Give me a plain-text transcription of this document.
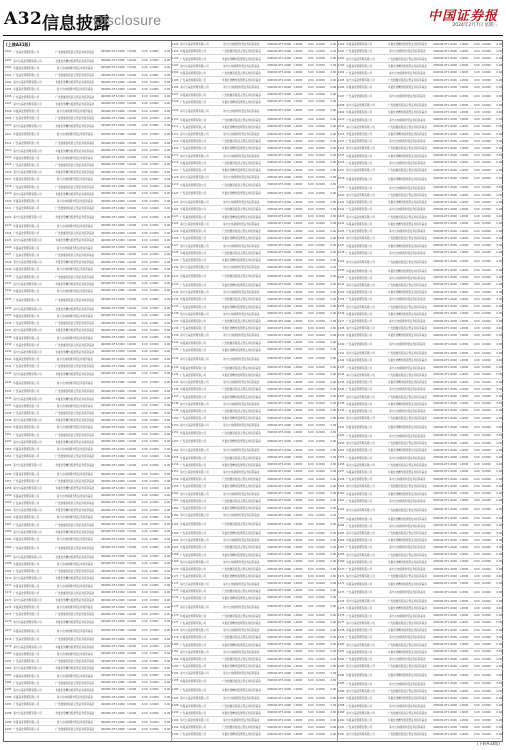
A32 信息披露
Disclosure	中国证券报
2024年2月7日 星期三
1000 广发基金管理有限公司	广发稳健回报混合型证券投资基金	000000.OF 1.0000 1.0000	0.00 0.0000	0.00
1001 易方达基金管理有限公司	华夏优势精选股票型证券投资基金	000000.OF 1.0000 1.0000	0.00 0.0000	0.00
1002 华夏基金管理有限公司	易方达纯债债券型证券投资基金	000000.OF 1.0000 1.0000	0.00 0.0000	0.00
1003 广发基金管理有限公司	广发稳健回报混合型证券投资基金	000000.OF 1.0000 1.0000	0.00 0.0000	0.00
1004 易方达基金管理有限公司	华夏优势精选股票型证券投资基金	000000.OF 1.0000 1.0000	0.00 0.0000	0.00
1005 华夏基金管理有限公司	易方达纯债债券型证券投资基金	000000.OF 1.0000 1.0000	0.00 0.0000	0.00
1006 广发基金管理有限公司	广发稳健回报混合型证券投资基金	000000.OF 1.0000 1.0000	0.00 0.0000	0.00
1007 易方达基金管理有限公司	华夏优势精选股票型证券投资基金	000000.OF 1.0000 1.0000	0.00 0.0000	0.00
1008 华夏基金管理有限公司	易方达纯债债券型证券投资基金	000000.OF 1.0000 1.0000	0.00 0.0000	0.00
1009 广发基金管理有限公司	广发稳健回报混合型证券投资基金	000000.OF 1.0000 1.0000	0.00 0.0000	0.00
1010 易方达基金管理有限公司	华夏优势精选股票型证券投资基金	000000.OF 1.0000 1.0000	0.00 0.0000	0.00
1011 华夏基金管理有限公司	易方达纯债债券型证券投资基金	000000.OF 1.0000 1.0000	0.00 0.0000	0.00
1012 广发基金管理有限公司	广发稳健回报混合型证券投资基金	000000.OF 1.0000 1.0000	0.00 0.0000	0.00
1013 易方达基金管理有限公司	华夏优势精选股票型证券投资基金	000000.OF 1.0000 1.0000	0.00 0.0000	0.00
1014 华夏基金管理有限公司	易方达纯债债券型证券投资基金	000000.OF 1.0000 1.0000	0.00 0.0000	0.00
1015 广发基金管理有限公司	广发稳健回报混合型证券投资基金	000000.OF 1.0000 1.0000	0.00 0.0000	0.00
1016 易方达基金管理有限公司	华夏优势精选股票型证券投资基金	000000.OF 1.0000 1.0000	0.00 0.0000	0.00
1017 华夏基金管理有限公司	易方达纯债债券型证券投资基金	000000.OF 1.0000 1.0000	0.00 0.0000	0.00
1018 广发基金管理有限公司	广发稳健回报混合型证券投资基金	000000.OF 1.0000 1.0000	0.00 0.0000	0.00
1019 易方达基金管理有限公司	华夏优势精选股票型证券投资基金	000000.OF 1.0000 1.0000	0.00 0.0000	0.00
1020 华夏基金管理有限公司	易方达纯债债券型证券投资基金	000000.OF 1.0000 1.0000	0.00 0.0000	0.00
1021 广发基金管理有限公司	广发稳健回报混合型证券投资基金	000000.OF 1.0000 1.0000	0.00 0.0000	0.00
1022 易方达基金管理有限公司	华夏优势精选股票型证券投资基金	000000.OF 1.0000 1.0000	0.00 0.0000	0.00
1023 华夏基金管理有限公司	易方达纯债债券型证券投资基金	000000.OF 1.0000 1.0000	0.00 0.0000	0.00
1024 广发基金管理有限公司	广发稳健回报混合型证券投资基金	000000.OF 1.0000 1.0000	0.00 0.0000	0.00
1025 易方达基金管理有限公司	华夏优势精选股票型证券投资基金	000000.OF 1.0000 1.0000	0.00 0.0000	0.00
1026 华夏基金管理有限公司	易方达纯债债券型证券投资基金	000000.OF 1.0000 1.0000	0.00 0.0000	0.00
1027 广发基金管理有限公司	广发稳健回报混合型证券投资基金	000000.OF 1.0000 1.0000	0.00 0.0000	0.00
1028 易方达基金管理有限公司	华夏优势精选股票型证券投资基金	000000.OF 1.0000 1.0000	0.00 0.0000	0.00
1029 华夏基金管理有限公司	易方达纯债债券型证券投资基金	000000.OF 1.0000 1.0000	0.00 0.0000	0.00
1030 广发基金管理有限公司	广发稳健回报混合型证券投资基金	000000.OF 1.0000 1.0000	0.00 0.0000	0.00
1031 易方达基金管理有限公司	华夏优势精选股票型证券投资基金	000000.OF 1.0000 1.0000	0.00 0.0000	0.00
1032 华夏基金管理有限公司	易方达纯债债券型证券投资基金	000000.OF 1.0000 1.0000	0.00 0.0000	0.00
1033 广发基金管理有限公司	广发稳健回报混合型证券投资基金	000000.OF 1.0000 1.0000	0.00 0.0000	0.00
1034 易方达基金管理有限公司	华夏优势精选股票型证券投资基金	000000.OF 1.0000 1.0000	0.00 0.0000	0.00
1035 华夏基金管理有限公司	易方达纯债债券型证券投资基金	000000.OF 1.0000 1.0000	0.00 0.0000	0.00
1036 广发基金管理有限公司	广发稳健回报混合型证券投资基金	000000.OF 1.0000 1.0000	0.00 0.0000	0.00
1037 易方达基金管理有限公司	华夏优势精选股票型证券投资基金	000000.OF 1.0000 1.0000	0.00 0.0000	0.00
1038 华夏基金管理有限公司	易方达纯债债券型证券投资基金	000000.OF 1.0000 1.0000	0.00 0.0000	0.00
1039 广发基金管理有限公司	广发稳健回报混合型证券投资基金	000000.OF 1.0000 1.0000	0.00 0.0000	0.00
1040 易方达基金管理有限公司	华夏优势精选股票型证券投资基金	000000.OF 1.0000 1.0000	0.00 0.0000	0.00
1041 华夏基金管理有限公司	易方达纯债债券型证券投资基金	000000.OF 1.0000 1.0000	0.00 0.0000	0.00
1042 广发基金管理有限公司	广发稳健回报混合型证券投资基金	000000.OF 1.0000 1.0000	0.00 0.0000	0.00
1043 易方达基金管理有限公司	华夏优势精选股票型证券投资基金	000000.OF 1.0000 1.0000	0.00 0.0000	0.00
1044 华夏基金管理有限公司	易方达纯债债券型证券投资基金	000000.OF 1.0000 1.0000	0.00 0.0000	0.00
1045 广发基金管理有限公司	广发稳健回报混合型证券投资基金	000000.OF 1.0000 1.0000	0.00 0.0000	0.00
1046 易方达基金管理有限公司	华夏优势精选股票型证券投资基金	000000.OF 1.0000 1.0000	0.00 0.0000	0.00
1047 华夏基金管理有限公司	易方达纯债债券型证券投资基金	000000.OF 1.0000 1.0000	0.00 0.0000	0.00
1048 广发基金管理有限公司	广发稳健回报混合型证券投资基金	000000.OF 1.0000 1.0000	0.00 0.0000	0.00
1049 易方达基金管理有限公司	华夏优势精选股票型证券投资基金	000000.OF 1.0000 1.0000	0.00 0.0000	0.00
1050 华夏基金管理有限公司	易方达纯债债券型证券投资基金	000000.OF 1.0000 1.0000	0.00 0.0000	0.00
1051 广发基金管理有限公司	广发稳健回报混合型证券投资基金	000000.OF 1.0000 1.0000	0.00 0.0000	0.00
1052 易方达基金管理有限公司	华夏优势精选股票型证券投资基金	000000.OF 1.0000 1.0000	0.00 0.0000	0.00
1053 华夏基金管理有限公司	易方达纯债债券型证券投资基金	000000.OF 1.0000 1.0000	0.00 0.0000	0.00
1054 广发基金管理有限公司	广发稳健回报混合型证券投资基金	000000.OF 1.0000 1.0000	0.00 0.0000	0.00
1055 易方达基金管理有限公司	华夏优势精选股票型证券投资基金	000000.OF 1.0000 1.0000	0.00 0.0000	0.00
1056 华夏基金管理有限公司	易方达纯债债券型证券投资基金	000000.OF 1.0000 1.0000	0.00 0.0000	0.00
1057 广发基金管理有限公司	广发稳健回报混合型证券投资基金	000000.OF 1.0000 1.0000	0.00 0.0000	0.00
1058 易方达基金管理有限公司	华夏优势精选股票型证券投资基金	000000.OF 1.0000 1.0000	0.00 0.0000	0.00
1059 华夏基金管理有限公司	易方达纯债债券型证券投资基金	000000.OF 1.0000 1.0000	0.00 0.0000	0.00
1060 广发基金管理有限公司	广发稳健回报混合型证券投资基金	000000.OF 1.0000 1.0000	0.00 0.0000	0.00
1061 易方达基金管理有限公司	华夏优势精选股票型证券投资基金	000000.OF 1.0000 1.0000	0.00 0.0000	0.00
1062 华夏基金管理有限公司	易方达纯债债券型证券投资基金	000000.OF 1.0000 1.0000	0.00 0.0000	0.00
1063 广发基金管理有限公司	广发稳健回报混合型证券投资基金	000000.OF 1.0000 1.0000	0.00 0.0000	0.00
1064 易方达基金管理有限公司	华夏优势精选股票型证券投资基金	000000.OF 1.0000 1.0000	0.00 0.0000	0.00
1065 华夏基金管理有限公司	易方达纯债债券型证券投资基金	000000.OF 1.0000 1.0000	0.00 0.0000	0.00
1066 广发基金管理有限公司	广发稳健回报混合型证券投资基金	000000.OF 1.0000 1.0000	0.00 0.0000	0.00
1067 易方达基金管理有限公司	华夏优势精选股票型证券投资基金	000000.OF 1.0000 1.0000	0.00 0.0000	0.00
1068 华夏基金管理有限公司	易方达纯债债券型证券投资基金	000000.OF 1.0000 1.0000	0.00 0.0000	0.00
1069 广发基金管理有限公司	广发稳健回报混合型证券投资基金	000000.OF 1.0000 1.0000	0.00 0.0000	0.00
1070 易方达基金管理有限公司	华夏优势精选股票型证券投资基金	000000.OF 1.0000 1.0000	0.00 0.0000	0.00
1071 华夏基金管理有限公司	易方达纯债债券型证券投资基金	000000.OF 1.0000 1.0000	0.00 0.0000	0.00
1072 广发基金管理有限公司	广发稳健回报混合型证券投资基金	000000.OF 1.0000 1.0000	0.00 0.0000	0.00
1073 易方达基金管理有限公司	华夏优势精选股票型证券投资基金	000000.OF 1.0000 1.0000	0.00 0.0000	0.00
1074 华夏基金管理有限公司	易方达纯债债券型证券投资基金	000000.OF 1.0000 1.0000	0.00 0.0000	0.00
1075 广发基金管理有限公司	广发稳健回报混合型证券投资基金	000000.OF 1.0000 1.0000	0.00 0.0000	0.00
1076 易方达基金管理有限公司	华夏优势精选股票型证券投资基金	000000.OF 1.0000 1.0000	0.00 0.0000	0.00
1077 华夏基金管理有限公司	易方达纯债债券型证券投资基金	000000.OF 1.0000 1.0000	0.00 0.0000	0.00
1078 广发基金管理有限公司	广发稳健回报混合型证券投资基金	000000.OF 1.0000 1.0000	0.00 0.0000	0.00
1079 易方达基金管理有限公司	华夏优势精选股票型证券投资基金	000000.OF 1.0000 1.0000	0.00 0.0000	0.00
1080 华夏基金管理有限公司	易方达纯债债券型证券投资基金	000000.OF 1.0000 1.0000	0.00 0.0000	0.00
1081 广发基金管理有限公司	广发稳健回报混合型证券投资基金	000000.OF 1.0000 1.0000	0.00 0.0000	0.00
1082 易方达基金管理有限公司	华夏优势精选股票型证券投资基金	000000.OF 1.0000 1.0000	0.00 0.0000	0.00
1083 华夏基金管理有限公司	易方达纯债债券型证券投资基金	000000.OF 1.0000 1.0000	0.00 0.0000	0.00
1084 广发基金管理有限公司	广发稳健回报混合型证券投资基金	000000.OF 1.0000 1.0000	0.00 0.0000	0.00
1085 易方达基金管理有限公司	华夏优势精选股票型证券投资基金	000000.OF 1.0000 1.0000	0.00 0.0000	0.00
1086 华夏基金管理有限公司	易方达纯债债券型证券投资基金	000000.OF 1.0000 1.0000	0.00 0.0000	0.00
1087 广发基金管理有限公司	广发稳健回报混合型证券投资基金	000000.OF 1.0000 1.0000	0.00 0.0000	0.00
1088 易方达基金管理有限公司	华夏优势精选股票型证券投资基金	000000.OF 1.0000 1.0000	0.00 0.0000	0.00
1089 华夏基金管理有限公司	易方达纯债债券型证券投资基金	000000.OF 1.0000 1.0000	0.00 0.0000	0.00
1090 广发基金管理有限公司	广发稳健回报混合型证券投资基金	000000.OF 1.0000 1.0000	0.00 0.0000	0.00
1100 易方达基金管理有限公司	易方达纯债债券型证券投资基金	000000.OF 1.0000 1.0000	0.00 0.0000	0.00
1101 华夏基金管理有限公司	广发稳健回报混合型证券投资基金	000000.OF 1.0000 1.0000	0.00 0.0000	0.00
1102 广发基金管理有限公司	华夏优势精选股票型证券投资基金	000000.OF 1.0000 1.0000	0.00 0.0000	0.00
1103 易方达基金管理有限公司	易方达纯债债券型证券投资基金	000000.OF 1.0000 1.0000	0.00 0.0000	0.00
1104 华夏基金管理有限公司	广发稳健回报混合型证券投资基金	000000.OF 1.0000 1.0000	0.00 0.0000	0.00
1105 广发基金管理有限公司	华夏优势精选股票型证券投资基金	000000.OF 1.0000 1.0000	0.00 0.0000	0.00
1106 易方达基金管理有限公司	易方达纯债债券型证券投资基金	000000.OF 1.0000 1.0000	0.00 0.0000	0.00
1107 华夏基金管理有限公司	广发稳健回报混合型证券投资基金	000000.OF 1.0000 1.0000	0.00 0.0000	0.00
1108 广发基金管理有限公司	华夏优势精选股票型证券投资基金	000000.OF 1.0000 1.0000	0.00 0.0000	0.00
1109 易方达基金管理有限公司	易方达纯债债券型证券投资基金	000000.OF 1.0000 1.0000	0.00 0.0000	0.00
1110 华夏基金管理有限公司	广发稳健回报混合型证券投资基金	000000.OF 1.0000 1.0000	0.00 0.0000	0.00
1111 广发基金管理有限公司	华夏优势精选股票型证券投资基金	000000.OF 1.0000 1.0000	0.00 0.0000	0.00
1112 易方达基金管理有限公司	易方达纯债债券型证券投资基金	000000.OF 1.0000 1.0000	0.00 0.0000	0.00
1113 华夏基金管理有限公司	广发稳健回报混合型证券投资基金	000000.OF 1.0000 1.0000	0.00 0.0000	0.00
1114 广发基金管理有限公司	华夏优势精选股票型证券投资基金	000000.OF 1.0000 1.0000	0.00 0.0000	0.00
1115 易方达基金管理有限公司	易方达纯债债券型证券投资基金	000000.OF 1.0000 1.0000	0.00 0.0000	0.00
1116 华夏基金管理有限公司	广发稳健回报混合型证券投资基金	000000.OF 1.0000 1.0000	0.00 0.0000	0.00
1117 广发基金管理有限公司	华夏优势精选股票型证券投资基金	000000.OF 1.0000 1.0000	0.00 0.0000	0.00
1118 易方达基金管理有限公司	易方达纯债债券型证券投资基金	000000.OF 1.0000 1.0000	0.00 0.0000	0.00
1119 华夏基金管理有限公司	广发稳健回报混合型证券投资基金	000000.OF 1.0000 1.0000	0.00 0.0000	0.00
1120 广发基金管理有限公司	华夏优势精选股票型证券投资基金	000000.OF 1.0000 1.0000	0.00 0.0000	0.00
1121 易方达基金管理有限公司	易方达纯债债券型证券投资基金	000000.OF 1.0000 1.0000	0.00 0.0000	0.00
1122 华夏基金管理有限公司	广发稳健回报混合型证券投资基金	000000.OF 1.0000 1.0000	0.00 0.0000	0.00
1123 广发基金管理有限公司	华夏优势精选股票型证券投资基金	000000.OF 1.0000 1.0000	0.00 0.0000	0.00
1124 易方达基金管理有限公司	易方达纯债债券型证券投资基金	000000.OF 1.0000 1.0000	0.00 0.0000	0.00
1125 华夏基金管理有限公司	广发稳健回报混合型证券投资基金	000000.OF 1.0000 1.0000	0.00 0.0000	0.00
1126 广发基金管理有限公司	华夏优势精选股票型证券投资基金	000000.OF 1.0000 1.0000	0.00 0.0000	0.00
1127 易方达基金管理有限公司	易方达纯债债券型证券投资基金	000000.OF 1.0000 1.0000	0.00 0.0000	0.00
1128 华夏基金管理有限公司	广发稳健回报混合型证券投资基金	000000.OF 1.0000 1.0000	0.00 0.0000	0.00
1129 广发基金管理有限公司	华夏优势精选股票型证券投资基金	000000.OF 1.0000 1.0000	0.00 0.0000	0.00
1130 易方达基金管理有限公司	易方达纯债债券型证券投资基金	000000.OF 1.0000 1.0000	0.00 0.0000	0.00
1131 华夏基金管理有限公司	广发稳健回报混合型证券投资基金	000000.OF 1.0000 1.0000	0.00 0.0000	0.00
1132 广发基金管理有限公司	华夏优势精选股票型证券投资基金	000000.OF 1.0000 1.0000	0.00 0.0000	0.00
1133 易方达基金管理有限公司	易方达纯债债券型证券投资基金	000000.OF 1.0000 1.0000	0.00 0.0000	0.00
1134 华夏基金管理有限公司	广发稳健回报混合型证券投资基金	000000.OF 1.0000 1.0000	0.00 0.0000	0.00
1135 广发基金管理有限公司	华夏优势精选股票型证券投资基金	000000.OF 1.0000 1.0000	0.00 0.0000	0.00
1136 易方达基金管理有限公司	易方达纯债债券型证券投资基金	000000.OF 1.0000 1.0000	0.00 0.0000	0.00
1137 华夏基金管理有限公司	广发稳健回报混合型证券投资基金	000000.OF 1.0000 1.0000	0.00 0.0000	0.00
1138 广发基金管理有限公司	华夏优势精选股票型证券投资基金	000000.OF 1.0000 1.0000	0.00 0.0000	0.00
1139 易方达基金管理有限公司	易方达纯债债券型证券投资基金	000000.OF 1.0000 1.0000	0.00 0.0000	0.00
1140 华夏基金管理有限公司	广发稳健回报混合型证券投资基金	000000.OF 1.0000 1.0000	0.00 0.0000	0.00
1141 广发基金管理有限公司	华夏优势精选股票型证券投资基金	000000.OF 1.0000 1.0000	0.00 0.0000	0.00
1142 易方达基金管理有限公司	易方达纯债债券型证券投资基金	000000.OF 1.0000 1.0000	0.00 0.0000	0.00
1143 华夏基金管理有限公司	广发稳健回报混合型证券投资基金	000000.OF 1.0000 1.0000	0.00 0.0000	0.00
1144 广发基金管理有限公司	华夏优势精选股票型证券投资基金	000000.OF 1.0000 1.0000	0.00 0.0000	0.00
1145 易方达基金管理有限公司	易方达纯债债券型证券投资基金	000000.OF 1.0000 1.0000	0.00 0.0000	0.00
1146 华夏基金管理有限公司	广发稳健回报混合型证券投资基金	000000.OF 1.0000 1.0000	0.00 0.0000	0.00
1147 广发基金管理有限公司	华夏优势精选股票型证券投资基金	000000.OF 1.0000 1.0000	0.00 0.0000	0.00
1148 易方达基金管理有限公司	易方达纯债债券型证券投资基金	000000.OF 1.0000 1.0000	0.00 0.0000	0.00
1149 华夏基金管理有限公司	广发稳健回报混合型证券投资基金	000000.OF 1.0000 1.0000	0.00 0.0000	0.00
1150 广发基金管理有限公司	华夏优势精选股票型证券投资基金	000000.OF 1.0000 1.0000	0.00 0.0000	0.00
1151 易方达基金管理有限公司	易方达纯债债券型证券投资基金	000000.OF 1.0000 1.0000	0.00 0.0000	0.00
1152 华夏基金管理有限公司	广发稳健回报混合型证券投资基金	000000.OF 1.0000 1.0000	0.00 0.0000	0.00
1153 广发基金管理有限公司	华夏优势精选股票型证券投资基金	000000.OF 1.0000 1.0000	0.00 0.0000	0.00
1154 易方达基金管理有限公司	易方达纯债债券型证券投资基金	000000.OF 1.0000 1.0000	0.00 0.0000	0.00
1155 华夏基金管理有限公司	广发稳健回报混合型证券投资基金	000000.OF 1.0000 1.0000	0.00 0.0000	0.00
1156 广发基金管理有限公司	华夏优势精选股票型证券投资基金	000000.OF 1.0000 1.0000	0.00 0.0000	0.00
1157 易方达基金管理有限公司	易方达纯债债券型证券投资基金	000000.OF 1.0000 1.0000	0.00 0.0000	0.00
1158 华夏基金管理有限公司	广发稳健回报混合型证券投资基金	000000.OF 1.0000 1.0000	0.00 0.0000	0.00
1159 广发基金管理有限公司	华夏优势精选股票型证券投资基金	000000.OF 1.0000 1.0000	0.00 0.0000	0.00
1160 易方达基金管理有限公司	易方达纯债债券型证券投资基金	000000.OF 1.0000 1.0000	0.00 0.0000	0.00
1161 华夏基金管理有限公司	广发稳健回报混合型证券投资基金	000000.OF 1.0000 1.0000	0.00 0.0000	0.00
1162 广发基金管理有限公司	华夏优势精选股票型证券投资基金	000000.OF 1.0000 1.0000	0.00 0.0000	0.00
1163 易方达基金管理有限公司	易方达纯债债券型证券投资基金	000000.OF 1.0000 1.0000	0.00 0.0000	0.00
1164 华夏基金管理有限公司	广发稳健回报混合型证券投资基金	000000.OF 1.0000 1.0000	0.00 0.0000	0.00
1165 广发基金管理有限公司	华夏优势精选股票型证券投资基金	000000.OF 1.0000 1.0000	0.00 0.0000	0.00
1166 易方达基金管理有限公司	易方达纯债债券型证券投资基金	000000.OF 1.0000 1.0000	0.00 0.0000	0.00
1167 华夏基金管理有限公司	广发稳健回报混合型证券投资基金	000000.OF 1.0000 1.0000	0.00 0.0000	0.00
1168 广发基金管理有限公司	华夏优势精选股票型证券投资基金	000000.OF 1.0000 1.0000	0.00 0.0000	0.00
1169 易方达基金管理有限公司	易方达纯债债券型证券投资基金	000000.OF 1.0000 1.0000	0.00 0.0000	0.00
1170 华夏基金管理有限公司	广发稳健回报混合型证券投资基金	000000.OF 1.0000 1.0000	0.00 0.0000	0.00
1171 广发基金管理有限公司	华夏优势精选股票型证券投资基金	000000.OF 1.0000 1.0000	0.00 0.0000	0.00
1172 易方达基金管理有限公司	易方达纯债债券型证券投资基金	000000.OF 1.0000 1.0000	0.00 0.0000	0.00
1173 华夏基金管理有限公司	广发稳健回报混合型证券投资基金	000000.OF 1.0000 1.0000	0.00 0.0000	0.00
1174 广发基金管理有限公司	华夏优势精选股票型证券投资基金	000000.OF 1.0000 1.0000	0.00 0.0000	0.00
1175 易方达基金管理有限公司	易方达纯债债券型证券投资基金	000000.OF 1.0000 1.0000	0.00 0.0000	0.00
1176 华夏基金管理有限公司	广发稳健回报混合型证券投资基金	000000.OF 1.0000 1.0000	0.00 0.0000	0.00
1177 广发基金管理有限公司	华夏优势精选股票型证券投资基金	000000.OF 1.0000 1.0000	0.00 0.0000	0.00
1178 易方达基金管理有限公司	易方达纯债债券型证券投资基金	000000.OF 1.0000 1.0000	0.00 0.0000	0.00
1179 华夏基金管理有限公司	广发稳健回报混合型证券投资基金	000000.OF 1.0000 1.0000	0.00 0.0000	0.00
1180 广发基金管理有限公司	华夏优势精选股票型证券投资基金	000000.OF 1.0000 1.0000	0.00 0.0000	0.00
1181 易方达基金管理有限公司	易方达纯债债券型证券投资基金	000000.OF 1.0000 1.0000	0.00 0.0000	0.00
1182 华夏基金管理有限公司	广发稳健回报混合型证券投资基金	000000.OF 1.0000 1.0000	0.00 0.0000	0.00
1183 广发基金管理有限公司	华夏优势精选股票型证券投资基金	000000.OF 1.0000 1.0000	0.00 0.0000	0.00
1184 易方达基金管理有限公司	易方达纯债债券型证券投资基金	000000.OF 1.0000 1.0000	0.00 0.0000	0.00
1185 华夏基金管理有限公司	广发稳健回报混合型证券投资基金	000000.OF 1.0000 1.0000	0.00 0.0000	0.00
1186 广发基金管理有限公司	华夏优势精选股票型证券投资基金	000000.OF 1.0000 1.0000	0.00 0.0000	0.00
1187 易方达基金管理有限公司	易方达纯债债券型证券投资基金	000000.OF 1.0000 1.0000	0.00 0.0000	0.00
1188 华夏基金管理有限公司	广发稳健回报混合型证券投资基金	000000.OF 1.0000 1.0000	0.00 0.0000	0.00
1189 广发基金管理有限公司	华夏优势精选股票型证券投资基金	000000.OF 1.0000 1.0000	0.00 0.0000	0.00
1190 易方达基金管理有限公司	易方达纯债债券型证券投资基金	000000.OF 1.0000 1.0000	0.00 0.0000	0.00
1191 华夏基金管理有限公司	广发稳健回报混合型证券投资基金	000000.OF 1.0000 1.0000	0.00 0.0000	0.00
1192 广发基金管理有限公司	华夏优势精选股票型证券投资基金	000000.OF 1.0000 1.0000	0.00 0.0000	0.00
1200 华夏基金管理有限公司	华夏优势精选股票型证券投资基金	000000.OF 1.0000 1.0000	0.00 0.0000	0.00
1201 广发基金管理有限公司	易方达纯债债券型证券投资基金	000000.OF 1.0000 1.0000	0.00 0.0000	0.00
1202 易方达基金管理有限公司	广发稳健回报混合型证券投资基金	000000.OF 1.0000 1.0000	0.00 0.0000	0.00
1203 华夏基金管理有限公司	华夏优势精选股票型证券投资基金	000000.OF 1.0000 1.0000	0.00 0.0000	0.00
1204 广发基金管理有限公司	易方达纯债债券型证券投资基金	000000.OF 1.0000 1.0000	0.00 0.0000	0.00
1205 易方达基金管理有限公司	广发稳健回报混合型证券投资基金	000000.OF 1.0000 1.0000	0.00 0.0000	0.00
1206 华夏基金管理有限公司	华夏优势精选股票型证券投资基金	000000.OF 1.0000 1.0000	0.00 0.0000	0.00
1207 广发基金管理有限公司	易方达纯债债券型证券投资基金	000000.OF 1.0000 1.0000	0.00 0.0000	0.00
1208 易方达基金管理有限公司	广发稳健回报混合型证券投资基金	000000.OF 1.0000 1.0000	0.00 0.0000	0.00
1209 华夏基金管理有限公司	华夏优势精选股票型证券投资基金	000000.OF 1.0000 1.0000	0.00 0.0000	0.00
1210 广发基金管理有限公司	易方达纯债债券型证券投资基金	000000.OF 1.0000 1.0000	0.00 0.0000	0.00
1211 易方达基金管理有限公司	广发稳健回报混合型证券投资基金	000000.OF 1.0000 1.0000	0.00 0.0000	0.00
1212 华夏基金管理有限公司	华夏优势精选股票型证券投资基金	000000.OF 1.0000 1.0000	0.00 0.0000	0.00
1213 广发基金管理有限公司	易方达纯债债券型证券投资基金	000000.OF 1.0000 1.0000	0.00 0.0000	0.00
1214 易方达基金管理有限公司	广发稳健回报混合型证券投资基金	000000.OF 1.0000 1.0000	0.00 0.0000	0.00
1215 华夏基金管理有限公司	华夏优势精选股票型证券投资基金	000000.OF 1.0000 1.0000	0.00 0.0000	0.00
1216 广发基金管理有限公司	易方达纯债债券型证券投资基金	000000.OF 1.0000 1.0000	0.00 0.0000	0.00
1217 易方达基金管理有限公司	广发稳健回报混合型证券投资基金	000000.OF 1.0000 1.0000	0.00 0.0000	0.00
1218 华夏基金管理有限公司	华夏优势精选股票型证券投资基金	000000.OF 1.0000 1.0000	0.00 0.0000	0.00
1219 广发基金管理有限公司	易方达纯债债券型证券投资基金	000000.OF 1.0000 1.0000	0.00 0.0000	0.00
1220 易方达基金管理有限公司	广发稳健回报混合型证券投资基金	000000.OF 1.0000 1.0000	0.00 0.0000	0.00
1221 华夏基金管理有限公司	华夏优势精选股票型证券投资基金	000000.OF 1.0000 1.0000	0.00 0.0000	0.00
1222 广发基金管理有限公司	易方达纯债债券型证券投资基金	000000.OF 1.0000 1.0000	0.00 0.0000	0.00
1223 易方达基金管理有限公司	广发稳健回报混合型证券投资基金	000000.OF 1.0000 1.0000	0.00 0.0000	0.00
1224 华夏基金管理有限公司	华夏优势精选股票型证券投资基金	000000.OF 1.0000 1.0000	0.00 0.0000	0.00
1225 广发基金管理有限公司	易方达纯债债券型证券投资基金	000000.OF 1.0000 1.0000	0.00 0.0000	0.00
1226 易方达基金管理有限公司	广发稳健回报混合型证券投资基金	000000.OF 1.0000 1.0000	0.00 0.0000	0.00
1227 华夏基金管理有限公司	华夏优势精选股票型证券投资基金	000000.OF 1.0000 1.0000	0.00 0.0000	0.00
1228 广发基金管理有限公司	易方达纯债债券型证券投资基金	000000.OF 1.0000 1.0000	0.00 0.0000	0.00
1229 易方达基金管理有限公司	广发稳健回报混合型证券投资基金	000000.OF 1.0000 1.0000	0.00 0.0000	0.00
1230 华夏基金管理有限公司	华夏优势精选股票型证券投资基金	000000.OF 1.0000 1.0000	0.00 0.0000	0.00
1231 广发基金管理有限公司	易方达纯债债券型证券投资基金	000000.OF 1.0000 1.0000	0.00 0.0000	0.00
1232 易方达基金管理有限公司	广发稳健回报混合型证券投资基金	000000.OF 1.0000 1.0000	0.00 0.0000	0.00
1233 华夏基金管理有限公司	华夏优势精选股票型证券投资基金	000000.OF 1.0000 1.0000	0.00 0.0000	0.00
1234 广发基金管理有限公司	易方达纯债债券型证券投资基金	000000.OF 1.0000 1.0000	0.00 0.0000	0.00
1235 易方达基金管理有限公司	广发稳健回报混合型证券投资基金	000000.OF 1.0000 1.0000	0.00 0.0000	0.00
1236 华夏基金管理有限公司	华夏优势精选股票型证券投资基金	000000.OF 1.0000 1.0000	0.00 0.0000	0.00
1237 广发基金管理有限公司	易方达纯债债券型证券投资基金	000000.OF 1.0000 1.0000	0.00 0.0000	0.00
1238 易方达基金管理有限公司	广发稳健回报混合型证券投资基金	000000.OF 1.0000 1.0000	0.00 0.0000	0.00
1239 华夏基金管理有限公司	华夏优势精选股票型证券投资基金	000000.OF 1.0000 1.0000	0.00 0.0000	0.00
1240 广发基金管理有限公司	易方达纯债债券型证券投资基金	000000.OF 1.0000 1.0000	0.00 0.0000	0.00
1241 易方达基金管理有限公司	广发稳健回报混合型证券投资基金	000000.OF 1.0000 1.0000	0.00 0.0000	0.00
1242 华夏基金管理有限公司	华夏优势精选股票型证券投资基金	000000.OF 1.0000 1.0000	0.00 0.0000	0.00
1243 广发基金管理有限公司	易方达纯债债券型证券投资基金	000000.OF 1.0000 1.0000	0.00 0.0000	0.00
1244 易方达基金管理有限公司	广发稳健回报混合型证券投资基金	000000.OF 1.0000 1.0000	0.00 0.0000	0.00
1245 华夏基金管理有限公司	华夏优势精选股票型证券投资基金	000000.OF 1.0000 1.0000	0.00 0.0000	0.00
1246 广发基金管理有限公司	易方达纯债债券型证券投资基金	000000.OF 1.0000 1.0000	0.00 0.0000	0.00
1247 易方达基金管理有限公司	广发稳健回报混合型证券投资基金	000000.OF 1.0000 1.0000	0.00 0.0000	0.00
1248 华夏基金管理有限公司	华夏优势精选股票型证券投资基金	000000.OF 1.0000 1.0000	0.00 0.0000	0.00
1249 广发基金管理有限公司	易方达纯债债券型证券投资基金	000000.OF 1.0000 1.0000	0.00 0.0000	0.00
1250 易方达基金管理有限公司	广发稳健回报混合型证券投资基金	000000.OF 1.0000 1.0000	0.00 0.0000	0.00
1251 华夏基金管理有限公司	华夏优势精选股票型证券投资基金	000000.OF 1.0000 1.0000	0.00 0.0000	0.00
1252 广发基金管理有限公司	易方达纯债债券型证券投资基金	000000.OF 1.0000 1.0000	0.00 0.0000	0.00
1253 易方达基金管理有限公司	广发稳健回报混合型证券投资基金	000000.OF 1.0000 1.0000	0.00 0.0000	0.00
1254 华夏基金管理有限公司	华夏优势精选股票型证券投资基金	000000.OF 1.0000 1.0000	0.00 0.0000	0.00
1255 广发基金管理有限公司	易方达纯债债券型证券投资基金	000000.OF 1.0000 1.0000	0.00 0.0000	0.00
1256 易方达基金管理有限公司	广发稳健回报混合型证券投资基金	000000.OF 1.0000 1.0000	0.00 0.0000	0.00
1257 华夏基金管理有限公司	华夏优势精选股票型证券投资基金	000000.OF 1.0000 1.0000	0.00 0.0000	0.00
1258 广发基金管理有限公司	易方达纯债债券型证券投资基金	000000.OF 1.0000 1.0000	0.00 0.0000	0.00
1259 易方达基金管理有限公司	广发稳健回报混合型证券投资基金	000000.OF 1.0000 1.0000	0.00 0.0000	0.00
1260 华夏基金管理有限公司	华夏优势精选股票型证券投资基金	000000.OF 1.0000 1.0000	0.00 0.0000	0.00
1261 广发基金管理有限公司	易方达纯债债券型证券投资基金	000000.OF 1.0000 1.0000	0.00 0.0000	0.00
1262 易方达基金管理有限公司	广发稳健回报混合型证券投资基金	000000.OF 1.0000 1.0000	0.00 0.0000	0.00
1263 华夏基金管理有限公司	华夏优势精选股票型证券投资基金	000000.OF 1.0000 1.0000	0.00 0.0000	0.00
1264 广发基金管理有限公司	易方达纯债债券型证券投资基金	000000.OF 1.0000 1.0000	0.00 0.0000	0.00
1265 易方达基金管理有限公司	广发稳健回报混合型证券投资基金	000000.OF 1.0000 1.0000	0.00 0.0000	0.00
1266 华夏基金管理有限公司	华夏优势精选股票型证券投资基金	000000.OF 1.0000 1.0000	0.00 0.0000	0.00
1267 广发基金管理有限公司	易方达纯债债券型证券投资基金	000000.OF 1.0000 1.0000	0.00 0.0000	0.00
1268 易方达基金管理有限公司	广发稳健回报混合型证券投资基金	000000.OF 1.0000 1.0000	0.00 0.0000	0.00
1269 华夏基金管理有限公司	华夏优势精选股票型证券投资基金	000000.OF 1.0000 1.0000	0.00 0.0000	0.00
1270 广发基金管理有限公司	易方达纯债债券型证券投资基金	000000.OF 1.0000 1.0000	0.00 0.0000	0.00
1271 易方达基金管理有限公司	广发稳健回报混合型证券投资基金	000000.OF 1.0000 1.0000	0.00 0.0000	0.00
1272 华夏基金管理有限公司	华夏优势精选股票型证券投资基金	000000.OF 1.0000 1.0000	0.00 0.0000	0.00
1273 广发基金管理有限公司	易方达纯债债券型证券投资基金	000000.OF 1.0000 1.0000	0.00 0.0000	0.00
1274 易方达基金管理有限公司	广发稳健回报混合型证券投资基金	000000.OF 1.0000 1.0000	0.00 0.0000	0.00
1275 华夏基金管理有限公司	华夏优势精选股票型证券投资基金	000000.OF 1.0000 1.0000	0.00 0.0000	0.00
1276 广发基金管理有限公司	易方达纯债债券型证券投资基金	000000.OF 1.0000 1.0000	0.00 0.0000	0.00
1277 易方达基金管理有限公司	广发稳健回报混合型证券投资基金	000000.OF 1.0000 1.0000	0.00 0.0000	0.00
1278 华夏基金管理有限公司	华夏优势精选股票型证券投资基金	000000.OF 1.0000 1.0000	0.00 0.0000	0.00
1279 广发基金管理有限公司	易方达纯债债券型证券投资基金	000000.OF 1.0000 1.0000	0.00 0.0000	0.00
1280 易方达基金管理有限公司	广发稳健回报混合型证券投资基金	000000.OF 1.0000 1.0000	0.00 0.0000	0.00
1281 华夏基金管理有限公司	华夏优势精选股票型证券投资基金	000000.OF 1.0000 1.0000	0.00 0.0000	0.00
1282 广发基金管理有限公司	易方达纯债债券型证券投资基金	000000.OF 1.0000 1.0000	0.00 0.0000	0.00
1283 易方达基金管理有限公司	广发稳健回报混合型证券投资基金	000000.OF 1.0000 1.0000	0.00 0.0000	0.00
1284 华夏基金管理有限公司	华夏优势精选股票型证券投资基金	000000.OF 1.0000 1.0000	0.00 0.0000	0.00
1285 广发基金管理有限公司	易方达纯债债券型证券投资基金	000000.OF 1.0000 1.0000	0.00 0.0000	0.00
1286 易方达基金管理有限公司	广发稳健回报混合型证券投资基金	000000.OF 1.0000 1.0000	0.00 0.0000	0.00
1287 华夏基金管理有限公司	华夏优势精选股票型证券投资基金	000000.OF 1.0000 1.0000	0.00 0.0000	0.00
1288 广发基金管理有限公司	易方达纯债债券型证券投资基金	000000.OF 1.0000 1.0000	0.00 0.0000	0.00
1289 易方达基金管理有限公司	广发稳健回报混合型证券投资基金	000000.OF 1.0000 1.0000	0.00 0.0000	0.00
1290 华夏基金管理有限公司	华夏优势精选股票型证券投资基金	000000.OF 1.0000 1.0000	0.00 0.0000	0.00
1291 广发基金管理有限公司	易方达纯债债券型证券投资基金	000000.OF 1.0000 1.0000	0.00 0.0000	0.00
1292 易方达基金管理有限公司	广发稳健回报混合型证券投资基金	000000.OF 1.0000 1.0000	0.00 0.0000	0.00
(上接A31版)
(下转A33版)
